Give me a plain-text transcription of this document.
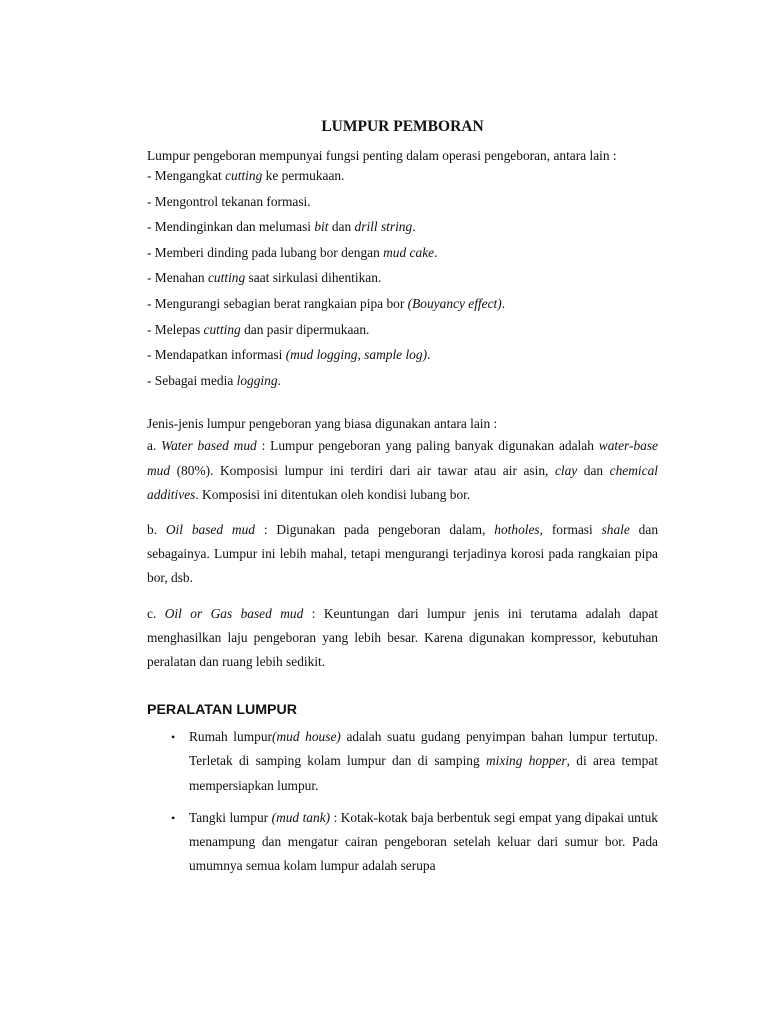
LUMPUR PEMBORAN

Lumpur pengeboran mempunyai fungsi penting dalam operasi pengeboran, antara lain :

- Mengangkat cutting ke permukaan.
- Mengontrol tekanan formasi.
- Mendinginkan dan melumasi bit dan drill string.
- Memberi dinding pada lubang bor dengan mud cake.
- Menahan cutting saat sirkulasi dihentikan.
- Mengurangi sebagian berat rangkaian pipa bor (Bouyancy effect).
- Melepas cutting dan pasir dipermukaan.
- Mendapatkan informasi (mud logging, sample log).
- Sebagai media logging.

Jenis-jenis lumpur pengeboran yang biasa digunakan antara lain :

a. Water based mud : Lumpur pengeboran yang paling banyak digunakan adalah water-base mud (80%). Komposisi lumpur ini terdiri dari air tawar atau air asin, clay dan chemical additives. Komposisi ini ditentukan oleh kondisi lubang bor.

b. Oil based mud : Digunakan pada pengeboran dalam, hotholes, formasi shale dan sebagainya. Lumpur ini lebih mahal, tetapi mengurangi terjadinya korosi pada rangkaian pipa bor, dsb.

c. Oil or Gas based mud : Keuntungan dari lumpur jenis ini terutama adalah dapat menghasilkan laju pengeboran yang lebih besar. Karena digunakan kompressor, kebutuhan peralatan dan ruang lebih sedikit.

PERALATAN LUMPUR
• Rumah lumpur(mud house) adalah suatu gudang penyimpan bahan lumpur tertutup. Terletak di samping kolam lumpur dan di samping mixing hopper, di area tempat mempersiapkan lumpur.
• Tangki lumpur (mud tank) : Kotak-kotak baja berbentuk segi empat yang dipakai untuk menampung dan mengatur cairan pengeboran setelah keluar dari sumur bor. Pada umumnya semua kolam lumpur adalah serupa
